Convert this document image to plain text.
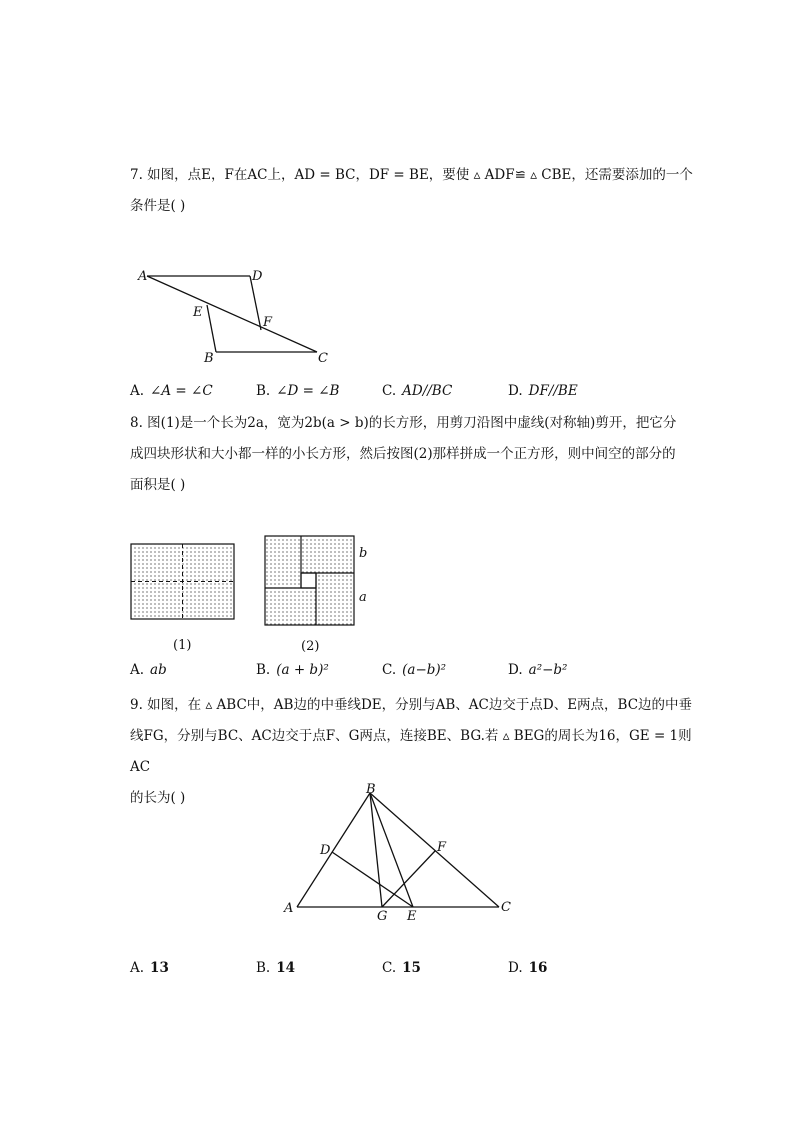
7. 如图，点E，F在AC上，AD = BC，DF = BE，要使 ▵ ADF≌ ▵ CBE，还需要添加的一个

条件是( )

A	D
E
F
B	C
A. ∠A = ∠C	B. ∠D = ∠B	C. AD//BC	D. DF//BE

8. 图(1)是一个长为2a，宽为2b(a > b)的长方形，用剪刀沿图中虚线(对称轴)剪开，把它分

成四块形状和大小都一样的小长方形，然后按图(2)那样拼成一个正方形，则中间空的部分的

面积是( )

b
a
(1)	(2)
A. ab	B. (a + b)²	C. (a−b)²	D. a²−b²

9. 如图，在 ▵ ABC中，AB边的中垂线DE，分别与AB、AC边交于点D、E两点，BC边的中垂

线FG，分别与BC、AC边交于点F、G两点，连接BE、BG.若 ▵ BEG的周长为16，GE = 1则AC

的长为( )

A
B
C
D
E
F
G
A. 13	B. 14	C. 15	D. 16
